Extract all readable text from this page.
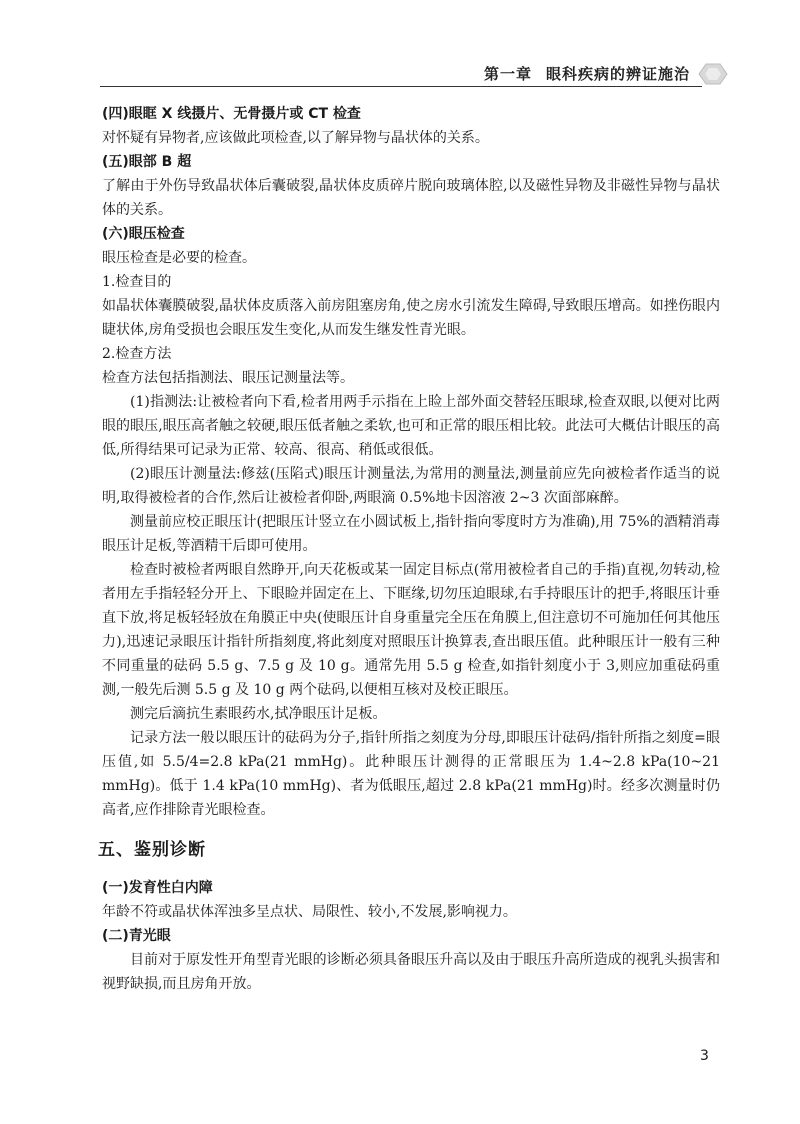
第一章 眼科疾病的辨证施治

(四)眼眶 X 线摄片、无骨摄片或 CT 检查

对怀疑有异物者,应该做此项检查,以了解异物与晶状体的关系。

(五)眼部 B 超

了解由于外伤导致晶状体后囊破裂,晶状体皮质碎片脱向玻璃体腔,以及磁性异物及非磁性异物与晶状体的关系。

(六)眼压检查

眼压检查是必要的检查。

1.检查目的

如晶状体囊膜破裂,晶状体皮质落入前房阻塞房角,使之房水引流发生障碍,导致眼压增高。如挫伤眼内睫状体,房角受损也会眼压发生变化,从而发生继发性青光眼。

2.检查方法

检查方法包括指测法、眼压记测量法等。

(1)指测法:让被检者向下看,检者用两手示指在上睑上部外面交替轻压眼球,检查双眼,以便对比两眼的眼压,眼压高者触之较硬,眼压低者触之柔软,也可和正常的眼压相比较。此法可大概估计眼压的高低,所得结果可记录为正常、较高、很高、稍低或很低。

(2)眼压计测量法:修兹(压陷式)眼压计测量法,为常用的测量法,测量前应先向被检者作适当的说明,取得被检者的合作,然后让被检者仰卧,两眼滴 0.5%地卡因溶液 2~3 次面部麻醉。

测量前应校正眼压计(把眼压计竖立在小圆试板上,指针指向零度时方为准确),用 75%的酒精消毒眼压计足板,等酒精干后即可使用。

检查时被检者两眼自然睁开,向天花板或某一固定目标点(常用被检者自己的手指)直视,勿转动,检者用左手指轻轻分开上、下眼睑并固定在上、下眶缘,切勿压迫眼球,右手持眼压计的把手,将眼压计垂直下放,将足板轻轻放在角膜正中央(使眼压计自身重量完全压在角膜上,但注意切不可施加任何其他压力),迅速记录眼压计指针所指刻度,将此刻度对照眼压计换算表,查出眼压值。此种眼压计一般有三种不同重量的砝码 5.5 g、7.5 g 及 10 g。通常先用 5.5 g 检查,如指针刻度小于 3,则应加重砝码重测,一般先后测 5.5 g 及 10 g 两个砝码,以便相互核对及校正眼压。

测完后滴抗生素眼药水,拭净眼压计足板。

记录方法一般以眼压计的砝码为分子,指针所指之刻度为分母,即眼压计砝码/指针所指之刻度=眼压值,如 5.5/4=2.8 kPa(21 mmHg)。此种眼压计测得的正常眼压为 1.4~2.8 kPa(10~21 mmHg)。低于 1.4 kPa(10 mmHg)、者为低眼压,超过 2.8 kPa(21 mmHg)时。经多次测量时仍高者,应作排除青光眼检查。

五、鉴别诊断

(一)发育性白内障

年龄不符或晶状体浑浊多呈点状、局限性、较小,不发展,影响视力。

(二)青光眼

目前对于原发性开角型青光眼的诊断必须具备眼压升高以及由于眼压升高所造成的视乳头损害和视野缺损,而且房角开放。

3
